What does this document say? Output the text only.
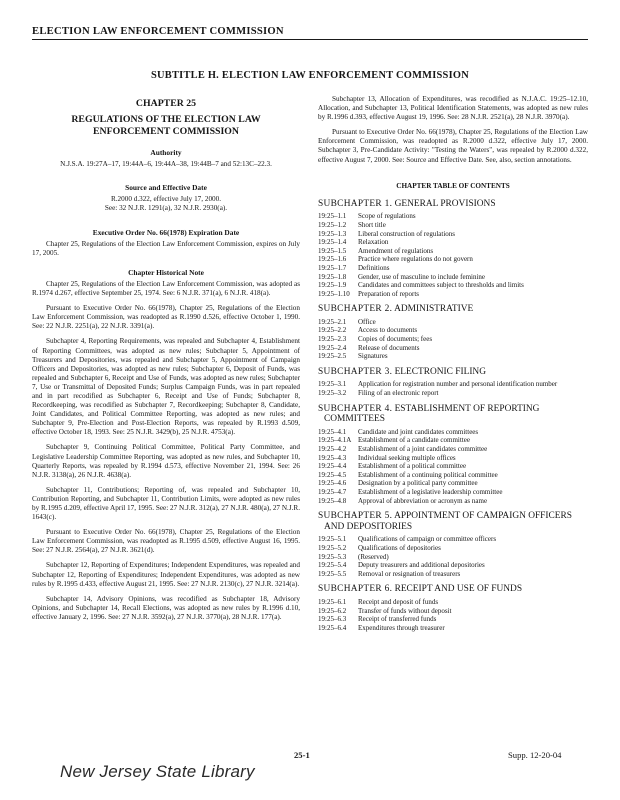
ELECTION LAW ENFORCEMENT COMMISSION
SUBTITLE H. ELECTION LAW ENFORCEMENT COMMISSION
CHAPTER 25
REGULATIONS OF THE ELECTION LAW ENFORCEMENT COMMISSION
Authority
N.J.S.A. 19:27A–17, 19:44A–6, 19:44A–38, 19:44B–7 and 52:13C–22.3.
Source and Effective Date
R.2000 d.322, effective July 17, 2000.
See: 32 N.J.R. 1291(a), 32 N.J.R. 2930(a).
Executive Order No. 66(1978) Expiration Date

Chapter 25, Regulations of the Election Law Enforcement Commission, expires on July 17, 2005.

Chapter Historical Note

Chapter 25, Regulations of the Election Law Enforcement Commission, was adopted as R.1974 d.267, effective September 25, 1974. See: 6 N.J.R. 371(a), 6 N.J.R. 418(a).

Pursuant to Executive Order No. 66(1978), Chapter 25, Regulations of the Election Law Enforcement Commission, was readopted as R.1990 d.526, effective October 1, 1990. See: 22 N.J.R. 2251(a), 22 N.J.R. 3391(a).

Subchapter 4, Reporting Requirements, was repealed and Subchapter 4, Establishment of Reporting Committees, was adopted as new rules; Subchapter 5, Appointment of Treasurers and Depositories, was repealed and Subchapter 5, Appointment of Campaign Officers and Depositories, was adopted as new rules; Subchapter 6, Deposit of Funds, was repealed and Subchapter 6, Receipt and Use of Funds, was adopted as new rules; Subchapter 7, Use or Transmittal of Deposited Funds; Surplus Campaign Funds, was in part repealed and in part recodified as Subchapter 6, Receipt and Use of Funds; Subchapter 8, Recordkeeping, was recodified as Subchapter 7, Recordkeeping; Subchapter 8, Candidate, Joint Candidates, and Political Committee Reporting, was adopted as new rules; and Subchapter 9, Pre-Election and Post-Election Reports, was repealed by R.1993 d.509, effective October 18, 1993. See: 25 N.J.R. 3429(b), 25 N.J.R. 4753(a).

Subchapter 9, Continuing Political Committee, Political Party Committee, and Legislative Leadership Committee Reporting, was adopted as new rules, and Subchapter 10, Quarterly Reports, was repealed by R.1994 d.573, effective November 21, 1994. See: 26 N.J.R. 3138(a), 26 N.J.R. 4638(a).

Subchapter 11, Contributions; Reporting of, was repealed and Subchapter 10, Contribution Reporting, and Subchapter 11, Contribution Limits, were adopted as new rules by R.1995 d.209, effective April 17, 1995. See: 27 N.J.R. 312(a), 27 N.J.R. 480(a), 27 N.J.R. 1643(c).

Pursuant to Executive Order No. 66(1978), Chapter 25, Regulations of the Election Law Enforcement Commission, was readopted as R.1995 d.509, effective August 16, 1995. See: 27 N.J.R. 2564(a), 27 N.J.R. 3621(d).

Subchapter 12, Reporting of Expenditures; Independent Expenditures, was repealed and Subchapter 12, Reporting of Expenditures; Independent Expenditures, was adopted as new rules by R.1995 d.433, effective August 21, 1995. See: 27 N.J.R. 2130(c), 27 N.J.R. 3214(a).

Subchapter 14, Advisory Opinions, was recodified as Subchapter 18, Advisory Opinions, and Subchapter 14, Recall Elections, was adopted as new rules by R.1996 d.10, effective January 2, 1996. See: 27 N.J.R. 3592(a), 27 N.J.R. 3770(a), 28 N.J.R. 177(a).

Subchapter 13, Allocation of Expenditures, was recodified as N.J.A.C. 19:25–12.10, Allocation, and Subchapter 13, Political Identification Statements, was adopted as new rules by R.1996 d.393, effective August 19, 1996. See: 28 N.J.R. 2521(a), 28 N.J.R. 3970(a).

Pursuant to Executive Order No. 66(1978), Chapter 25, Regulations of the Election Law Enforcement Commission, was readopted as R.2000 d.322, effective July 17, 2000. Subchapter 3, Pre-Candidate Activity: "Testing the Waters", was repealed by R.2000 d.322, effective August 7, 2000. See: Source and Effective Date. See, also, section annotations.

CHAPTER TABLE OF CONTENTS
SUBCHAPTER 1. GENERAL PROVISIONS
19:25–1.1	Scope of regulations
19:25–1.2	Short title
19:25–1.3	Liberal construction of regulations
19:25–1.4	Relaxation
19:25–1.5	Amendment of regulations
19:25–1.6	Practice where regulations do not govern
19:25–1.7	Definitions
19:25–1.8	Gender, use of masculine to include feminine
19:25–1.9	Candidates and committees subject to thresholds and limits
19:25–1.10	Preparation of reports
SUBCHAPTER 2. ADMINISTRATIVE
19:25–2.1	Office
19:25–2.2	Access to documents
19:25–2.3	Copies of documents; fees
19:25–2.4	Release of documents
19:25–2.5	Signatures
SUBCHAPTER 3. ELECTRONIC FILING
19:25–3.1	Application for registration number and personal identification number
19:25–3.2	Filing of an electronic report
SUBCHAPTER 4. ESTABLISHMENT OF REPORTING COMMITTEES
19:25–4.1	Candidate and joint candidates committees
19:25–4.1A Establishment of a candidate committee
19:25–4.2	Establishment of a joint candidates committee
19:25–4.3	Individual seeking multiple offices
19:25–4.4	Establishment of a political committee
19:25–4.5	Establishment of a continuing political committee
19:25–4.6	Designation by a political party committee
19:25–4.7	Establishment of a legislative leadership committee
19:25–4.8	Approval of abbreviation or acronym as name
SUBCHAPTER 5. APPOINTMENT OF CAMPAIGN OFFICERS AND DEPOSITORIES
19:25–5.1	Qualifications of campaign or committee officers
19:25–5.2	Qualifications of depositories
19:25–5.3	(Reserved)
19:25–5.4	Deputy treasurers and additional depositories
19:25–5.5	Removal or resignation of treasurers
SUBCHAPTER 6. RECEIPT AND USE OF FUNDS
19:25–6.1	Receipt and deposit of funds
19:25–6.2	Transfer of funds without deposit
19:25–6.3	Receipt of transferred funds
19:25–6.4	Expenditures through treasurer
New Jersey State Library
25-1	Supp. 12-20-04
